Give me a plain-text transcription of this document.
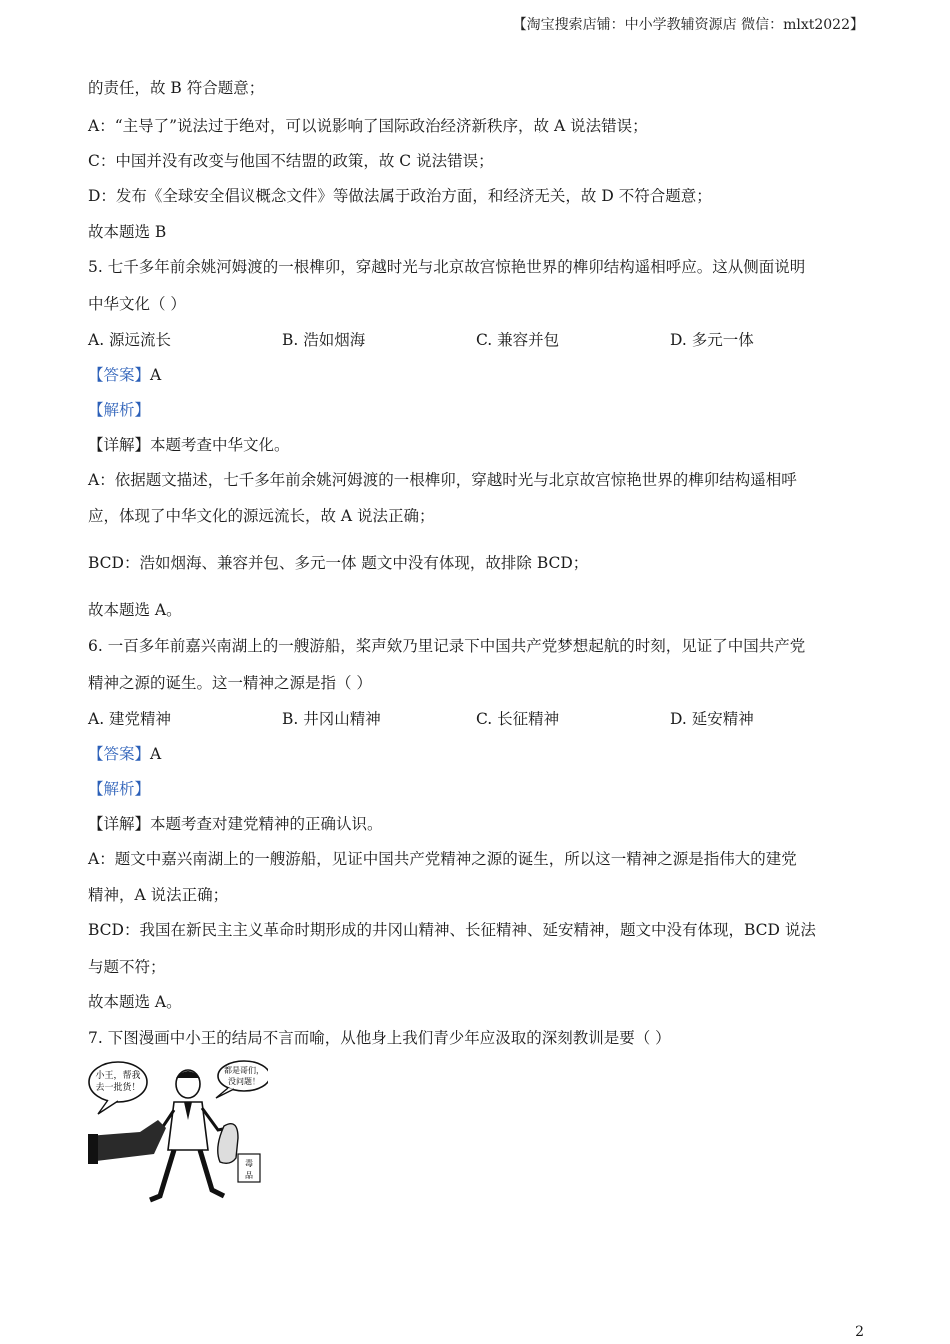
【淘宝搜索店铺：中小学教辅资源店 微信：mlxt2022】

的责任，故 B 符合题意；

A：“主导了”说法过于绝对，可以说影响了国际政治经济新秩序，故 A 说法错误；

C：中国并没有改变与他国不结盟的政策，故 C 说法错误；

D：发布《全球安全倡议概念文件》等做法属于政治方面，和经济无关，故 D 不符合题意；

故本题选 B

5. 七千多年前余姚河姆渡的一根榫卯，穿越时光与北京故宫惊艳世界的榫卯结构遥相呼应。这从侧面说明

中华文化（ ）

A. 源远流长	B. 浩如烟海	C. 兼容并包	D. 多元一体

【答案】A

【解析】

【详解】本题考查中华文化。

A：依据题文描述，七千多年前余姚河姆渡的一根榫卯，穿越时光与北京故宫惊艳世界的榫卯结构遥相呼

应，体现了中华文化的源远流长，故 A 说法正确；

BCD：浩如烟海、兼容并包、多元一体 题文中没有体现，故排除 BCD；

故本题选 A。

6. 一百多年前嘉兴南湖上的一艘游船，桨声欸乃里记录下中国共产党梦想起航的时刻，见证了中国共产党

精神之源的诞生。这一精神之源是指（ ）

A. 建党精神	B. 井冈山精神	C. 长征精神	D. 延安精神

【答案】A

【解析】

【详解】本题考查对建党精神的正确认识。

A：题文中嘉兴南湖上的一艘游船，见证中国共产党精神之源的诞生，所以这一精神之源是指伟大的建党

精神，A 说法正确；

BCD：我国在新民主主义革命时期形成的井冈山精神、长征精神、延安精神，题文中没有体现，BCD 说法

与题不符；

故本题选 A。

7. 下图漫画中小王的结局不言而喻，从他身上我们青少年应汲取的深刻教训是要（ ）

小王，帮我
去一批货！
都是哥们，
没问题！
毒
品
2
